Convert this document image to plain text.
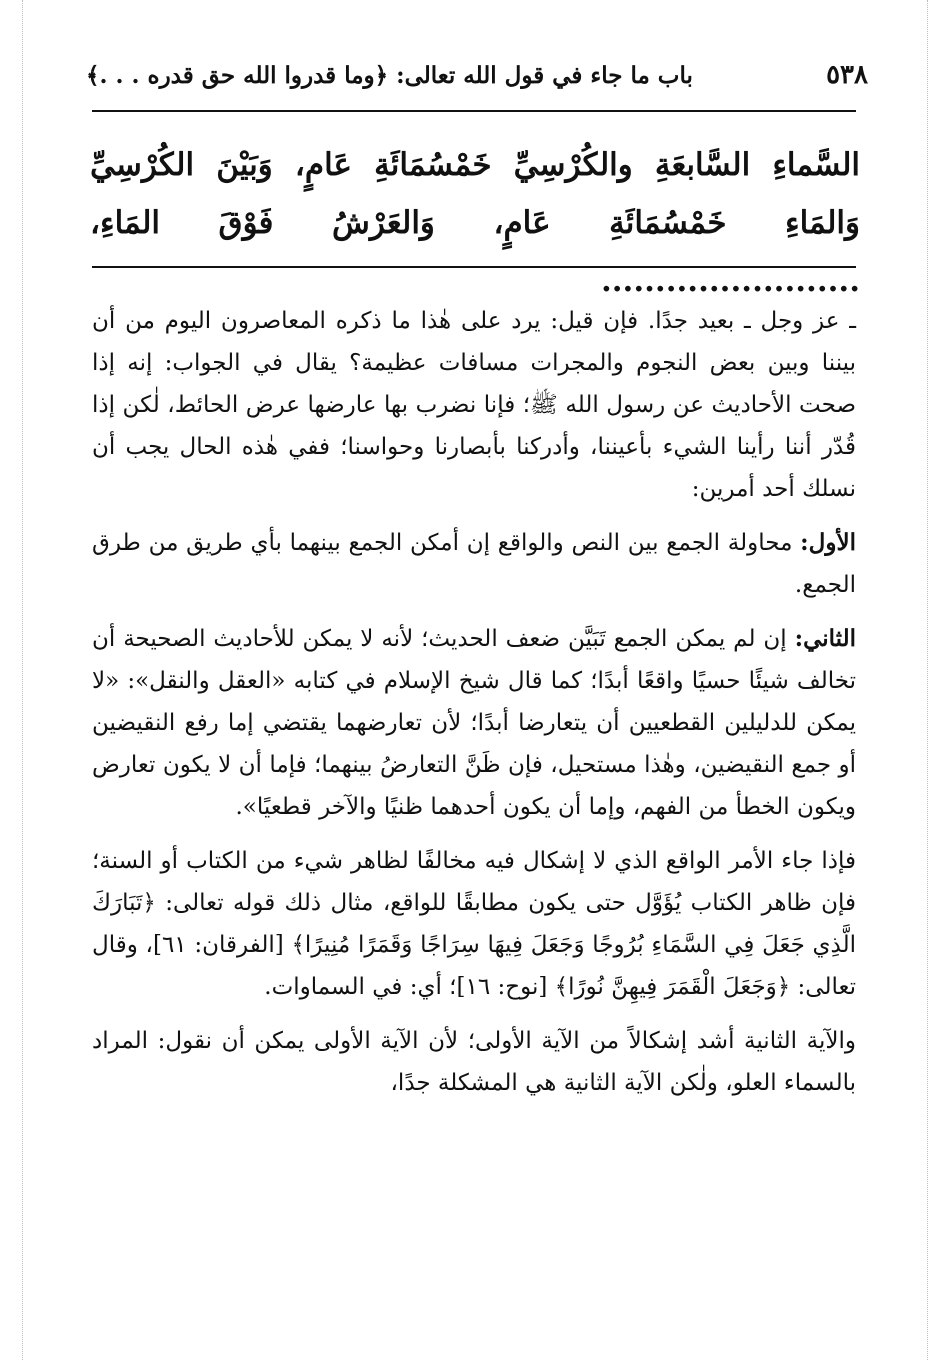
٥٣٨
باب ما جاء في قول الله تعالى: ﴿وما قدروا الله حق قدره . . .﴾
السَّماءِ السَّابعَةِ والكُرْسِيِّ خَمْسُمَائَةِ عَامٍ، وَبَيْنَ الكُرْسِيِّ وَالمَاءِ خَمْسُمَائَةِ عَامٍ، وَالعَرْشُ فَوْقَ المَاءِ، ........................

ـ عز وجل ـ بعيد جدًا. فإن قيل: يرد على هٰذا ما ذكره المعاصرون اليوم من أن بيننا وبين بعض النجوم والمجرات مسافات عظيمة؟ يقال في الجواب: إنه إذا صحت الأحاديث عن رسول الله ﷺ؛ فإنا نضرب بها عارضها عرض الحائط، لٰكن إذا قُدّر أننا رأينا الشيء بأعيننا، وأدركنا بأبصارنا وحواسنا؛ ففي هٰذه الحال يجب أن نسلك أحد أمرين:

الأول: محاولة الجمع بين النص والواقع إن أمكن الجمع بينهما بأي طريق من طرق الجمع.

الثاني: إن لم يمكن الجمع تَبَيَّن ضعف الحديث؛ لأنه لا يمكن للأحاديث الصحيحة أن تخالف شيئًا حسيًا واقعًا أبدًا؛ كما قال شيخ الإسلام في كتابه «العقل والنقل»: «لا يمكن للدليلين القطعيين أن يتعارضا أبدًا؛ لأن تعارضهما يقتضي إما رفع النقيضين أو جمع النقيضين، وهٰذا مستحيل، فإن ظَنَّ التعارضُ بينهما؛ فإما أن لا يكون تعارض ويكون الخطأ من الفهم، وإما أن يكون أحدهما ظنيًا والآخر قطعيًا».

فإذا جاء الأمر الواقع الذي لا إشكال فيه مخالفًا لظاهر شيء من الكتاب أو السنة؛ فإن ظاهر الكتاب يُؤَوَّل حتى يكون مطابقًا للواقع، مثال ذلك قوله تعالى: ﴿تَبَارَكَ الَّذِي جَعَلَ فِي السَّمَاءِ بُرُوجًا وَجَعَلَ فِيهَا سِرَاجًا وَقَمَرًا مُنِيرًا﴾ [الفرقان: ٦١]، وقال تعالى: ﴿وَجَعَلَ الْقَمَرَ فِيهِنَّ نُورًا﴾ [نوح: ١٦]؛ أي: في السماوات.

والآية الثانية أشد إشكالاً من الآية الأولى؛ لأن الآية الأولى يمكن أن نقول: المراد بالسماء العلو، ولٰكن الآية الثانية هي المشكلة جدًا،
